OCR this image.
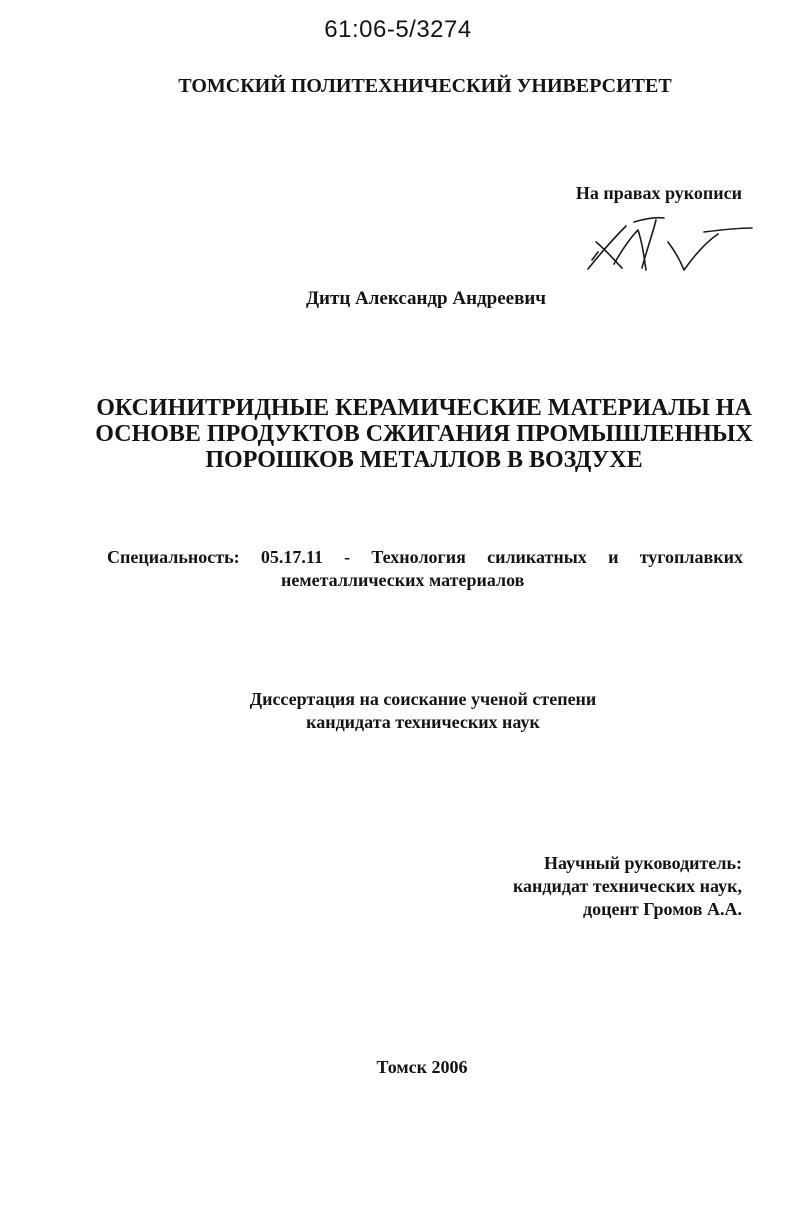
61:06-5/3274
ТОМСКИЙ ПОЛИТЕХНИЧЕСКИЙ УНИВЕРСИТЕТ
На правах рукописи
Дитц Александр Андреевич
ОКСИНИТРИДНЫЕ КЕРАМИЧЕСКИЕ МАТЕРИАЛЫ НА
ОСНОВЕ ПРОДУКТОВ СЖИГАНИЯ ПРОМЫШЛЕННЫХ
ПОРОШКОВ МЕТАЛЛОВ В ВОЗДУХЕ
Специальность: 05.17.11 - Технология силикатных и тугоплавких
неметаллических материалов
Диссертация на соискание ученой степени
кандидата технических наук
Научный руководитель:
кандидат технических наук,
доцент Громов А.А.
Томск 2006
